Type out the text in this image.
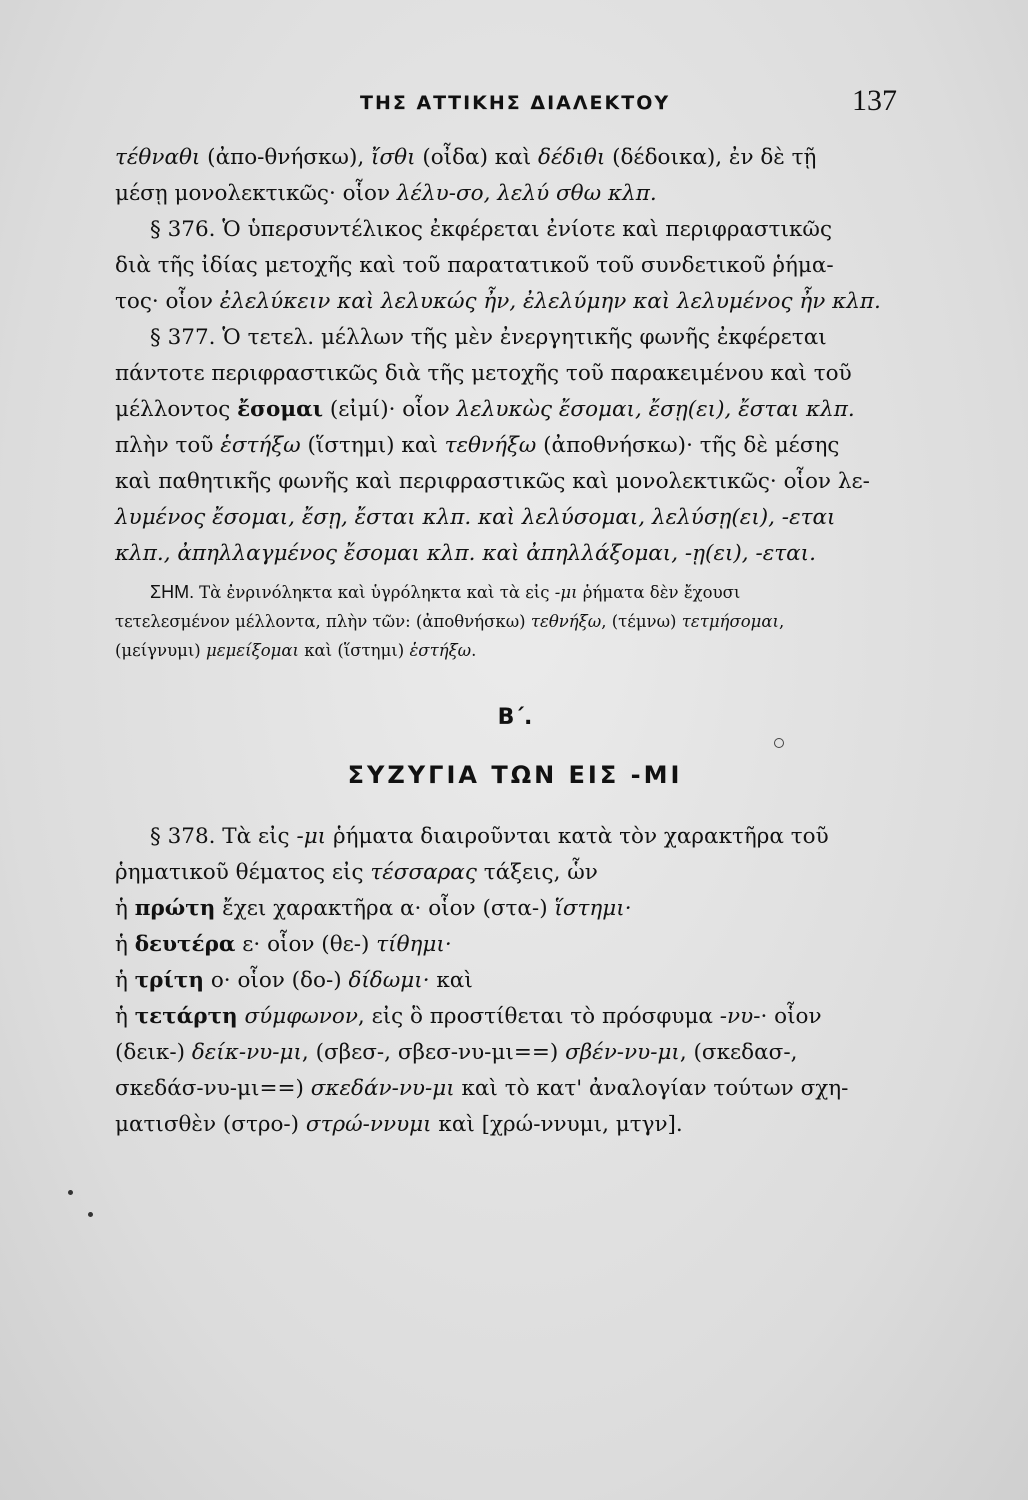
ΤΗΣ ΑΤΤΙΚΗΣ ΔΙΑΛΕΚΤΟΥ	137
τέθναθι (ἀπο-θνήσκω), ἴσθι (οἶδα) καὶ δέδιθι (δέδοικα), ἐν δὲ τῇ
μέσῃ μονολεκτικῶς· οἷον λέλυ-σο, λελύ σθω κλπ.
§ 376. Ὁ ὑπερσυντέλικος ἐκφέρεται ἐνίοτε καὶ περιφραστικῶς
διὰ τῆς ἰδίας μετοχῆς καὶ τοῦ παρατατικοῦ τοῦ συνδετικοῦ ῥήμα-
τος· οἷον ἐλελύκειν καὶ λελυκώς ἦν, ἐλελύμην καὶ λελυμένος ἦν κλπ.
§ 377. Ὁ τετελ. μέλλων τῆς μὲν ἐνεργητικῆς φωνῆς ἐκφέρεται
πάντοτε περιφραστικῶς διὰ τῆς μετοχῆς τοῦ παρακειμένου καὶ τοῦ
μέλλοντος ἔσομαι (εἰμί)· οἷον λελυκὼς ἔσομαι, ἔσῃ(ει), ἔσται κλπ.
πλὴν τοῦ ἑστήξω (ἵστημι) καὶ τεθνήξω (ἀποθνήσκω)· τῆς δὲ μέσης
καὶ παθητικῆς φωνῆς καὶ περιφραστικῶς καὶ μονολεκτικῶς· οἷον λε-
λυμένος ἔσομαι, ἔσῃ, ἔσται κλπ. καὶ λελύσομαι, λελύσῃ(ει), -εται
κλπ., ἀπηλλαγμένος ἔσομαι κλπ. καὶ ἀπηλλάξομαι, -ῃ(ει), -εται.
ΣΗΜ. Τὰ ἐνρινόληκτα καὶ ὑγρόληκτα καὶ τὰ εἰς -μι ῥήματα δὲν ἔχουσι
τετελεσμένον μέλλοντα, πλὴν τῶν: (ἀποθνήσκω) τεθνήξω, (τέμνω) τετμήσομαι,
(μείγνυμι) μεμείξομαι καὶ (ἵστημι) ἑστήξω.
Β΄.
ΣΥΖΥΓΙΑ ΤΩΝ ΕΙΣ -ΜΙ
§ 378. Τὰ εἰς -μι ῥήματα διαιροῦνται κατὰ τὸν χαρακτῆρα τοῦ
ῥηματικοῦ θέματος εἰς τέσσαρας τάξεις, ὧν
ἡ πρώτη ἔχει χαρακτῆρα α· οἷον (στα-) ἵστημι·
ἡ δευτέρα ε· οἷον (θε-) τίθημι·
ἡ τρίτη ο· οἷον (δο-) δίδωμι· καὶ
ἡ τετάρτη σύμφωνον, εἰς ὃ προστίθεται τὸ πρόσφυμα -νυ-· οἷον
(δεικ-) δείκ-νυ-μι, (σβεσ-, σβεσ-νυ-μι==) σβέν-νυ-μι, (σκεδασ-,
σκεδάσ-νυ-μι==) σκεδάν-νυ-μι καὶ τὸ κατ' ἀναλογίαν τούτων σχη-
ματισθὲν (στρο-) στρώ-ννυμι καὶ [χρώ-ννυμι, μτγν].
